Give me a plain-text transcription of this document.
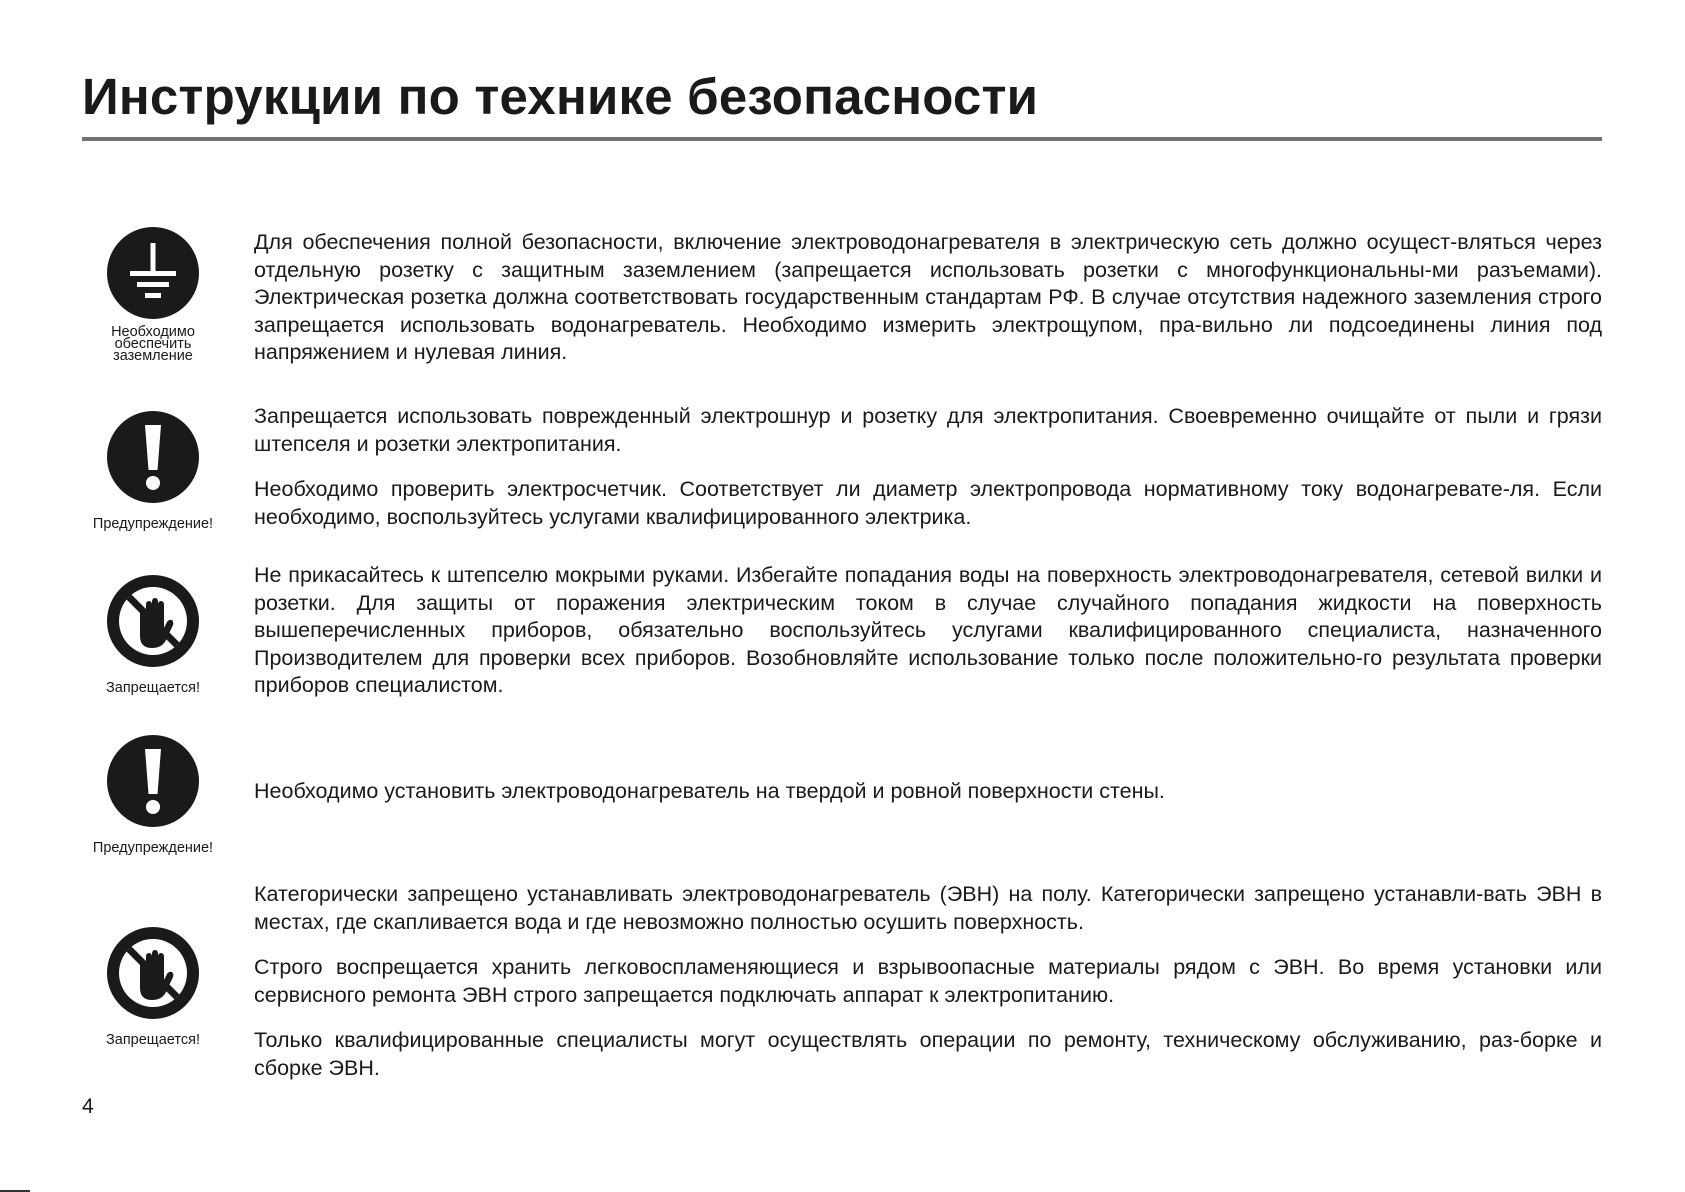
Инструкции по технике безопасности
Необходимо
обеспечить
заземление

Для обеспечения полной безопасности, включение электроводонагревателя в электрическую сеть должно осущест-вляться через отдельную розетку с защитным заземлением (запрещается использовать розетки с многофункциональны-ми разъемами). Электрическая розетка должна соответствовать государственным стандартам РФ. В случае отсутствия надежного заземления строго запрещается использовать водонагреватель. Необходимо измерить электрощупом, пра-вильно ли подсоединены линия под напряжением и нулевая линия.

Предупреждение!

Запрещается использовать поврежденный электрошнур и розетку для электропитания. Своевременно очищайте от пыли и грязи штепселя и розетки электропитания.

Необходимо проверить электросчетчик. Соответствует ли диаметр электропровода нормативному току водонагревате-ля. Если необходимо, воспользуйтесь услугами квалифицированного электрика.

Запрещается!

Не прикасайтесь к штепселю мокрыми руками. Избегайте попадания воды на поверхность электроводонагревателя, сетевой вилки и розетки. Для защиты от поражения электрическим током в случае случайного попадания жидкости на поверхность вышеперечисленных приборов, обязательно воспользуйтесь услугами квалифицированного специалиста, назначенного Производителем для проверки всех приборов. Возобновляйте использование только после положительно-го результата проверки приборов специалистом.

Предупреждение!

Необходимо установить электроводонагреватель на твердой и ровной поверхности стены.

Запрещается!

Категорически запрещено устанавливать электроводонагреватель (ЭВН) на полу. Категорически запрещено устанавли-вать ЭВН в местах, где скапливается вода и где невозможно полностью осушить поверхность.

Строго воспрещается хранить легковоспламеняющиеся и взрывоопасные материалы рядом с ЭВН. Во время установки или сервисного ремонта ЭВН строго запрещается подключать аппарат к электропитанию.

Только квалифицированные специалисты могут осуществлять операции по ремонту, техническому обслуживанию, раз-борке и сборке ЭВН.

4
